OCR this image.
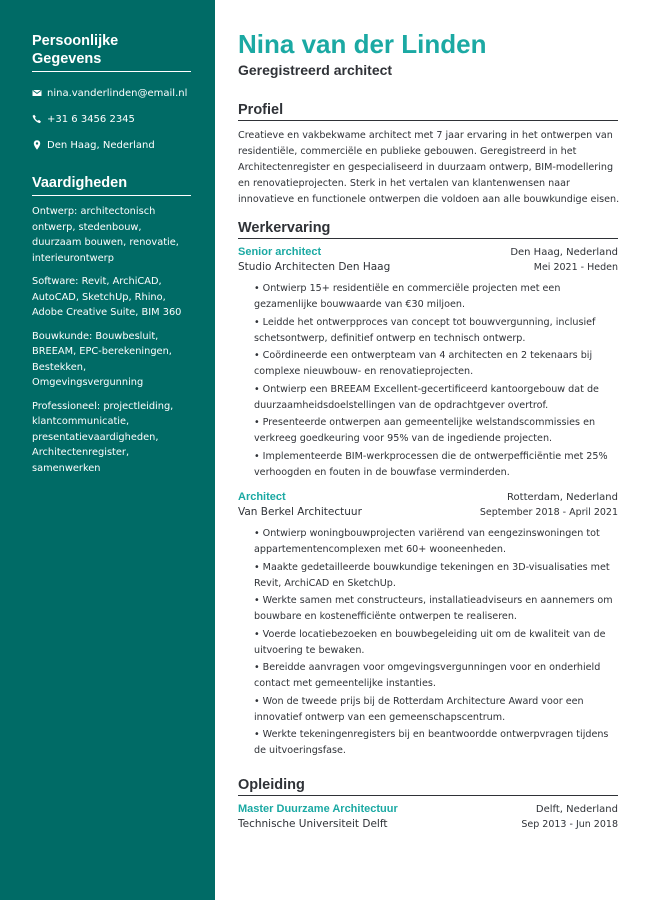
Persoonlijke Gegevens
nina.vanderlinden@email.nl
+31 6 3456 2345
Den Haag, Nederland
Vaardigheden
Ontwerp: architectonisch ontwerp, stedenbouw, duurzaam bouwen, renovatie, interieurontwerp
Software: Revit, ArchiCAD, AutoCAD, SketchUp, Rhino, Adobe Creative Suite, BIM 360
Bouwkunde: Bouwbesluit, BREEAM, EPC-berekeningen, Bestekken, Omgevingsvergunning
Professioneel: projectleiding, klantcommunicatie, presentatievaardigheden, Architectenregister, samenwerken
Nina van der Linden
Geregistreerd architect
Profiel

Creatieve en vakbekwame architect met 7 jaar ervaring in het ontwerpen van residentiële, commerciële en publieke gebouwen. Geregistreerd in het Architectenregister en gespecialiseerd in duurzaam ontwerp, BIM-modellering en renovatieprojecten. Sterk in het vertalen van klantenwensen naar innovatieve en functionele ontwerpen die voldoen aan alle bouwkundige eisen.

Werkervaring
Senior architect	Den Haag, Nederland
Studio Architecten Den Haag	Mei 2021 - Heden
• Ontwierp 15+ residentiële en commerciële projecten met een gezamenlijke bouwwaarde van €30 miljoen.
• Leidde het ontwerpproces van concept tot bouwvergunning, inclusief schetsontwerp, definitief ontwerp en technisch ontwerp.
• Coördineerde een ontwerpteam van 4 architecten en 2 tekenaars bij complexe nieuwbouw- en renovatieprojecten.
• Ontwierp een BREEAM Excellent-gecertificeerd kantoorgebouw dat de duurzaamheidsdoelstellingen van de opdrachtgever overtrof.
• Presenteerde ontwerpen aan gemeentelijke welstandscommissies en verkreeg goedkeuring voor 95% van de ingediende projecten.
• Implementeerde BIM-werkprocessen die de ontwerpefficiëntie met 25% verhoogden en fouten in de bouwfase verminderden.
Architect	Rotterdam, Nederland
Van Berkel Architectuur	September 2018 - April 2021
• Ontwierp woningbouwprojecten variërend van eengezinswoningen tot appartementencomplexen met 60+ wooneenheden.
• Maakte gedetailleerde bouwkundige tekeningen en 3D-visualisaties met Revit, ArchiCAD en SketchUp.
• Werkte samen met constructeurs, installatieadviseurs en aannemers om bouwbare en kostenefficiënte ontwerpen te realiseren.
• Voerde locatiebezoeken en bouwbegeleiding uit om de kwaliteit van de uitvoering te bewaken.
• Bereidde aanvragen voor omgevingsvergunningen voor en onderhield contact met gemeentelijke instanties.
• Won de tweede prijs bij de Rotterdam Architecture Award voor een innovatief ontwerp van een gemeenschapscentrum.
• Werkte tekeningenregisters bij en beantwoordde ontwerpvragen tijdens de uitvoeringsfase.
Opleiding
Master Duurzame Architectuur	Delft, Nederland
Technische Universiteit Delft	Sep 2013 - Jun 2018
